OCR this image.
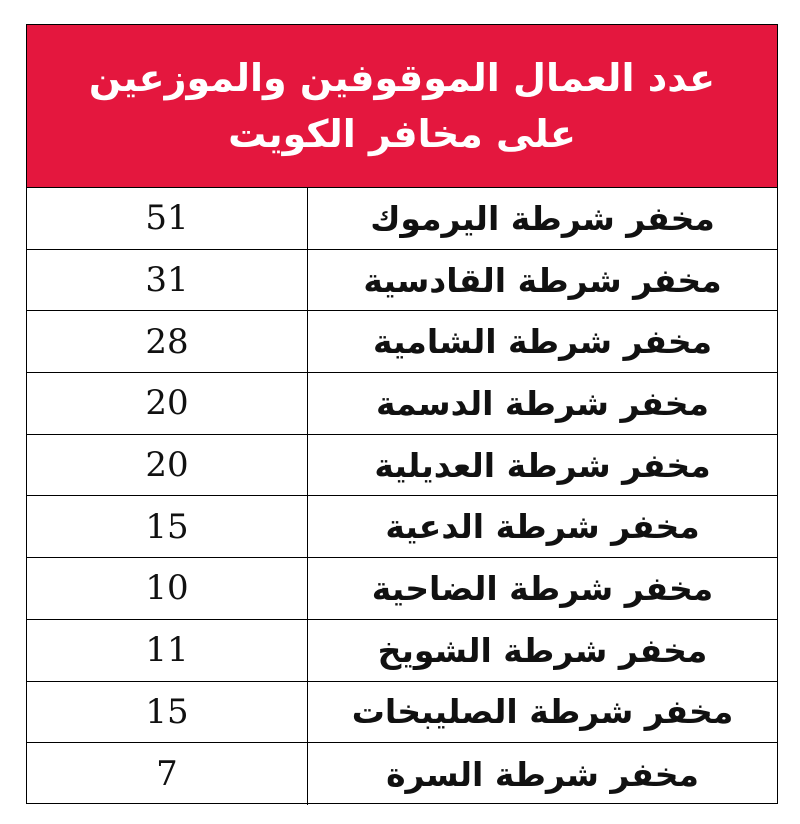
عدد العمال الموقوفين والموزعين
على مخافر الكويت
51	مخفر شرطة اليرموك
31	مخفر شرطة القادسية
28	مخفر شرطة الشامية
20	مخفر شرطة الدسمة
20	مخفر شرطة العديلية
15	مخفر شرطة الدعية
10	مخفر شرطة الضاحية
11	مخفر شرطة الشويخ
15	مخفر شرطة الصليبخات
7	مخفر شرطة السرة
